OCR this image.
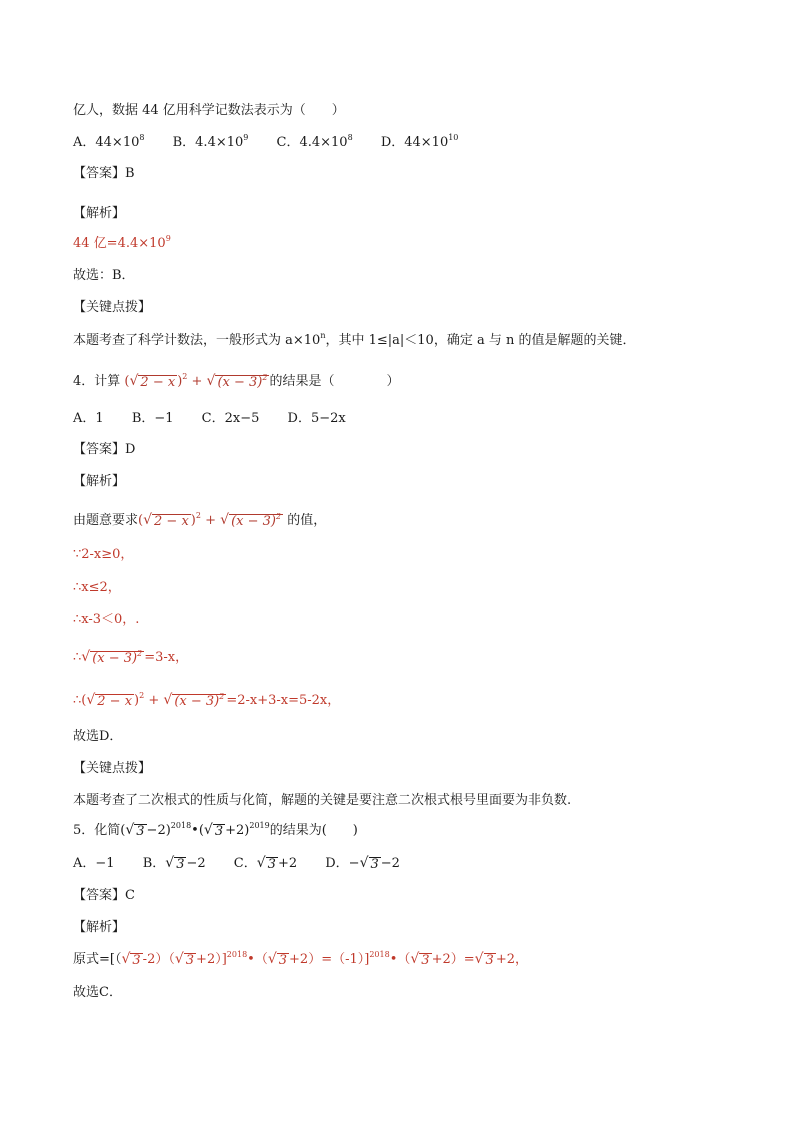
亿人，数据 44 亿用科学记数法表示为（　　）
A．$44\times 10^8$ B．$4.4\times 10^9$ C．$4.4\times 10^8$ D．$44\times 10^{10}$
【答案】B
【解析】
44 亿$=4.4\times 10^9$
故选：B．
【关键点拨】
本题考查了科学计数法，一般形式为 $a\times 10^n$，其中 1≤|a|＜10，确定 a 与 n 的值是解题的关键．
4．计算 ( √ 2 − x )$^2$ + √ $(x - 3)^2$ 的结果是（　　　　）
A．1 B．−1 C．2x−5 D．5−2x
【答案】D
【解析】
由题意要求( √ 2 − x )$^2$ + √ $(x - 3)^2$ 的值，
∵2-x≥0，
∴x≤2，
∴x-3＜0，.
∴ √ $(x - 3)^2 =3-x$，
∴( √ 2 − x )$^2$ + √ $(x - 3)^2 =2-x+3-x=5-2x$，
故选D．
【关键点拨】
本题考查了二次根式的性质与化简，解题的关键是要注意二次根式根号里面要为非负数.
5．化简( √ 3 −2)$^{2018}$•( √ 3 +2)$^{2019}$的结果为(　　)
A．−1 B． √ 3 −2 C． √ 3 +2 D．− √ 3 −2
【答案】C
【解析】
原式=[（ √ 3 -2）（ √ 3 +2）]$^{2018}$•（ √ 3 +2）=（-1）]$^{2018}$•（ √ 3 +2）= √ 3 +2，
故选C．
